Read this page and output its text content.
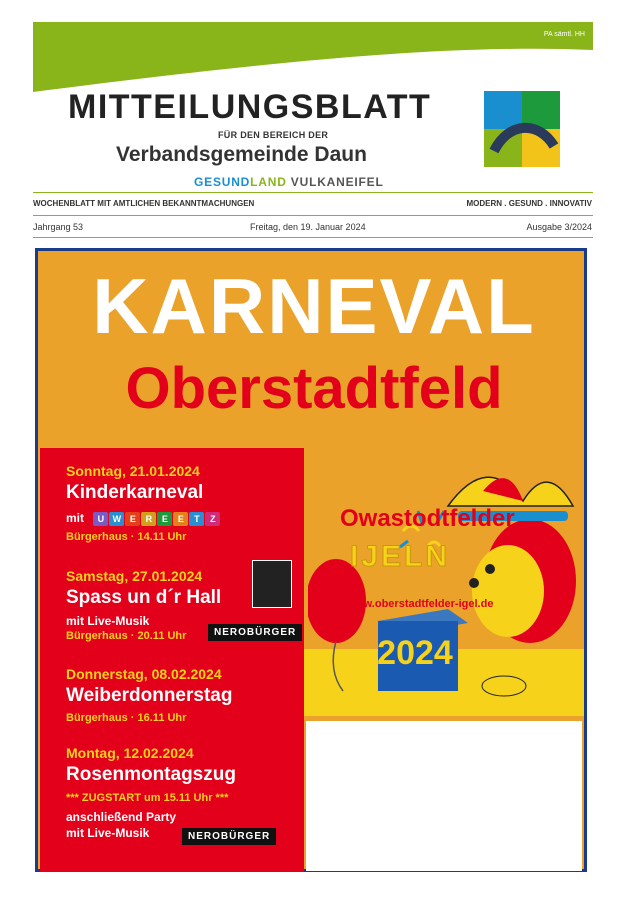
PA sämtl. HH
MITTEILUNGSBLATT
FÜR DEN BEREICH DER
Verbandsgemeinde Daun
GESUNDLAND VULKANEIFEL
WOCHENBLATT MIT AMTLICHEN BEKANNTMACHUNGEN	MODERN . GESUND . INNOVATIV
Jahrgang 53	Freitag, den 19. Januar 2024	Ausgabe 3/2024
KARNEVAL
Oberstadtfeld
2024
Sonntag, 21.01.2024
Kinderkarneval
mit U W E R E E T Z
Bürgerhaus · 14.11 Uhr
Samstag, 27.01.2024
Spass un d´r Hall
mit Live-Musik
Bürgerhaus · 20.11 Uhr	NEROBÜRGER
Donnerstag, 08.02.2024
Weiberdonnerstag
Bürgerhaus · 16.11 Uhr
Montag, 12.02.2024
Rosenmontagszug
*** ZUGSTART um 15.11 Uhr ***
anschließend Party
mit Live-Musik	NEROBÜRGER
Owastodtfelder
IJELN
www.oberstadtfelder-igel.de
